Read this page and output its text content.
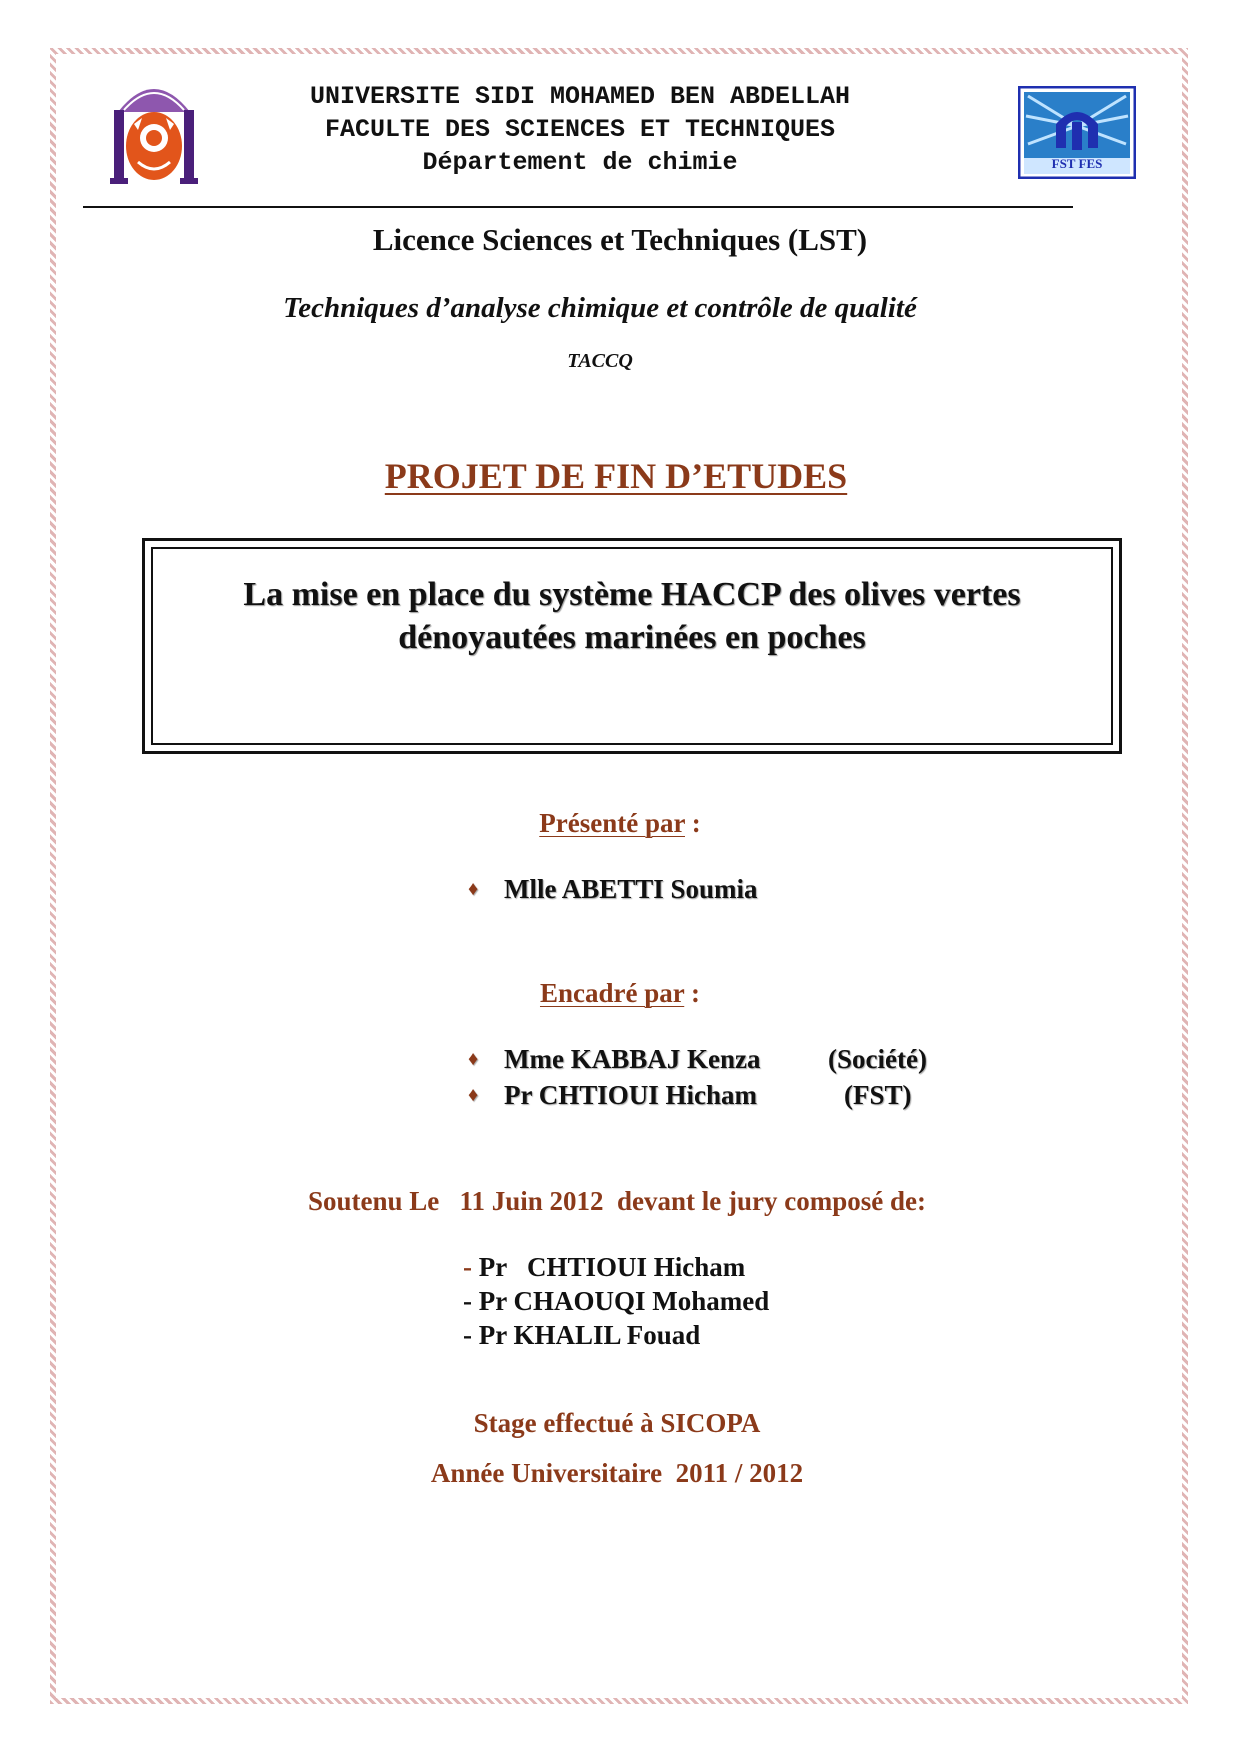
UNIVERSITE SIDI MOHAMED BEN ABDELLAH
FACULTE DES SCIENCES ET TECHNIQUES
Département de chimie	FST FES
Licence Sciences et Techniques (LST)
Techniques d’analyse chimique et contrôle de qualité
TACCQ
PROJET DE FIN D’ETUDES
La mise en place du système HACCP des olives vertes
dénoyautées marinées en poches
Présenté par :
♦ Mlle ABETTI Soumia
Encadré par :
♦ Mme KABBAJ Kenza	(Société)
♦ Pr CHTIOUI Hicham	(FST)
Soutenu Le   11 Juin 2012  devant le jury composé de:
- Pr   CHTIOUI Hicham
- Pr CHAOUQI Mohamed
- Pr KHALIL Fouad
Stage effectué à SICOPA
Année Universitaire  2011 / 2012
